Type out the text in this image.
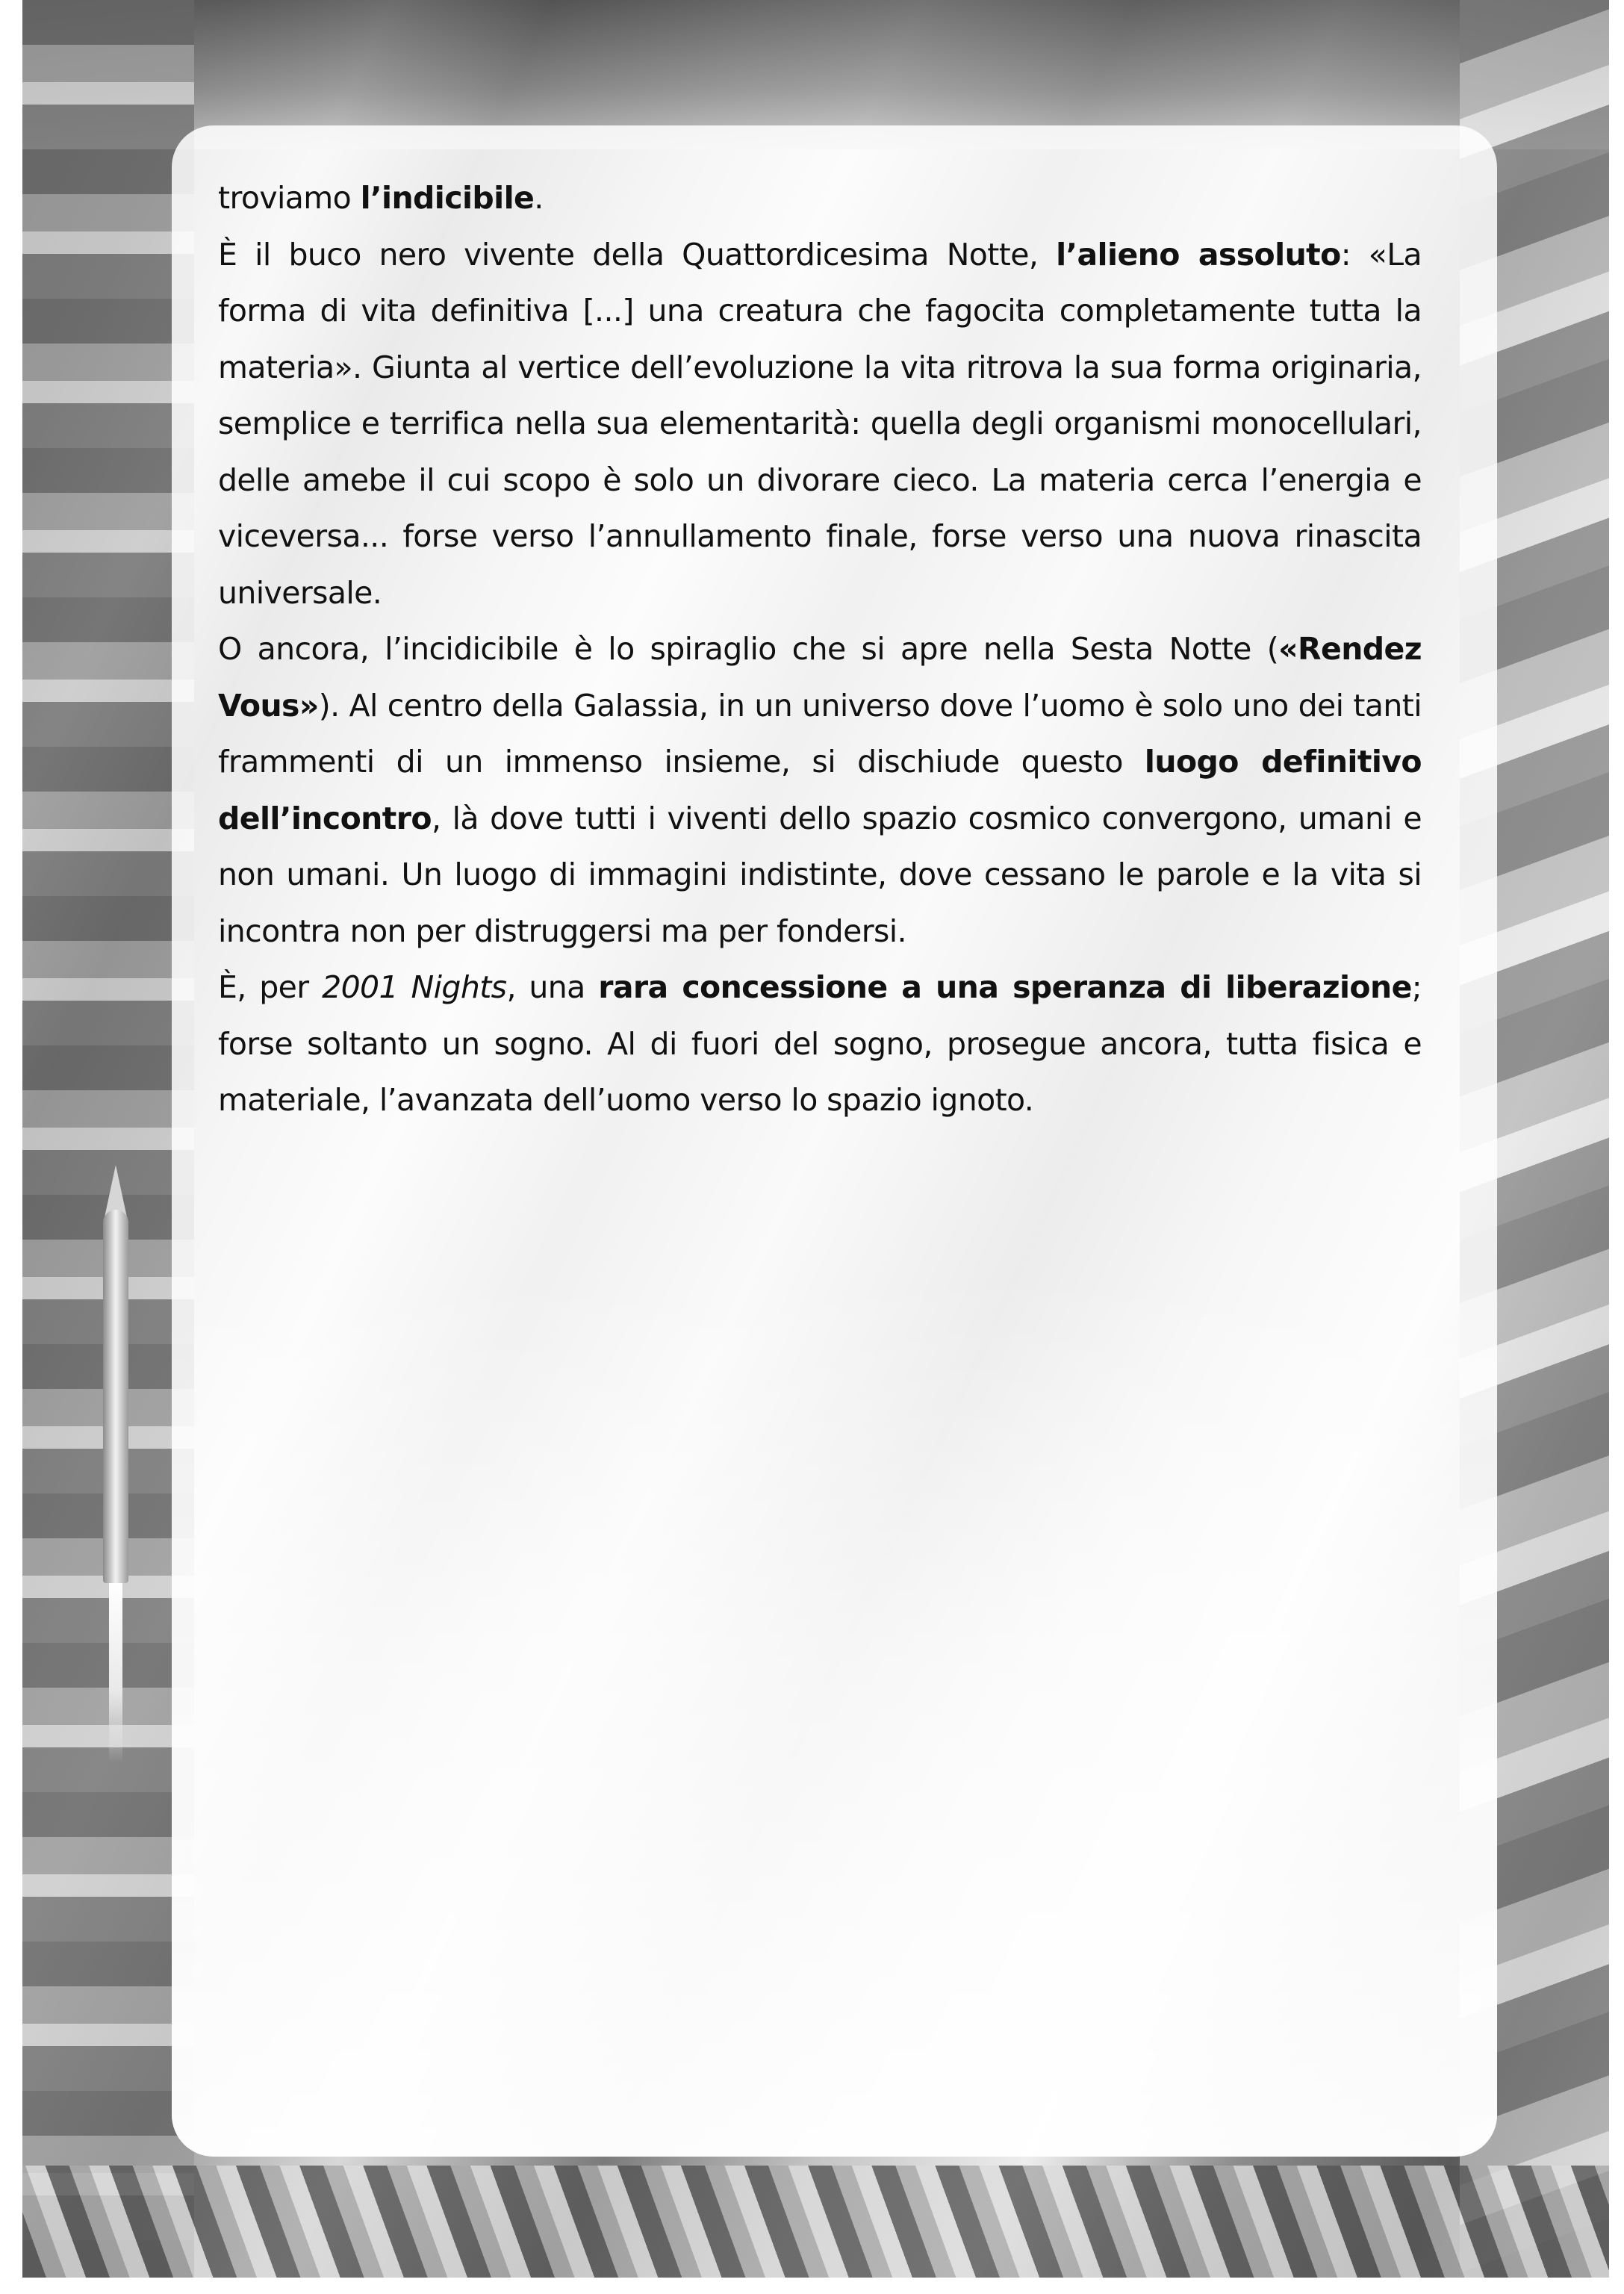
troviamo l’indicibile.

È il buco nero vivente della Quattordicesima Notte, l’alieno assoluto: «La forma di vita definitiva [...] una creatura che fagocita completamente tutta la materia». Giunta al vertice dell’evoluzione la vita ritrova la sua forma originaria, semplice e terrifica nella sua elementarità: quella degli organismi monocellulari, delle amebe il cui scopo è solo un divorare cieco. La materia cerca l’energia e viceversa... forse verso l’annullamento finale, forse verso una nuova rinascita universale.

O ancora, l’incidicibile è lo spiraglio che si apre nella Sesta Notte («Rendez Vous»). Al centro della Galassia, in un universo dove l’uomo è solo uno dei tanti frammenti di un immenso insieme, si dischiude questo luogo definitivo dell’incontro, là dove tutti i viventi dello spazio cosmico convergono, umani e non umani. Un luogo di immagini indistinte, dove cessano le parole e la vita si incontra non per distruggersi ma per fondersi.

È, per 2001 Nights, una rara concessione a una speranza di liberazione; forse soltanto un sogno. Al di fuori del sogno, prosegue ancora, tutta fisica e materiale, l’avanzata dell’uomo verso lo spazio ignoto.
